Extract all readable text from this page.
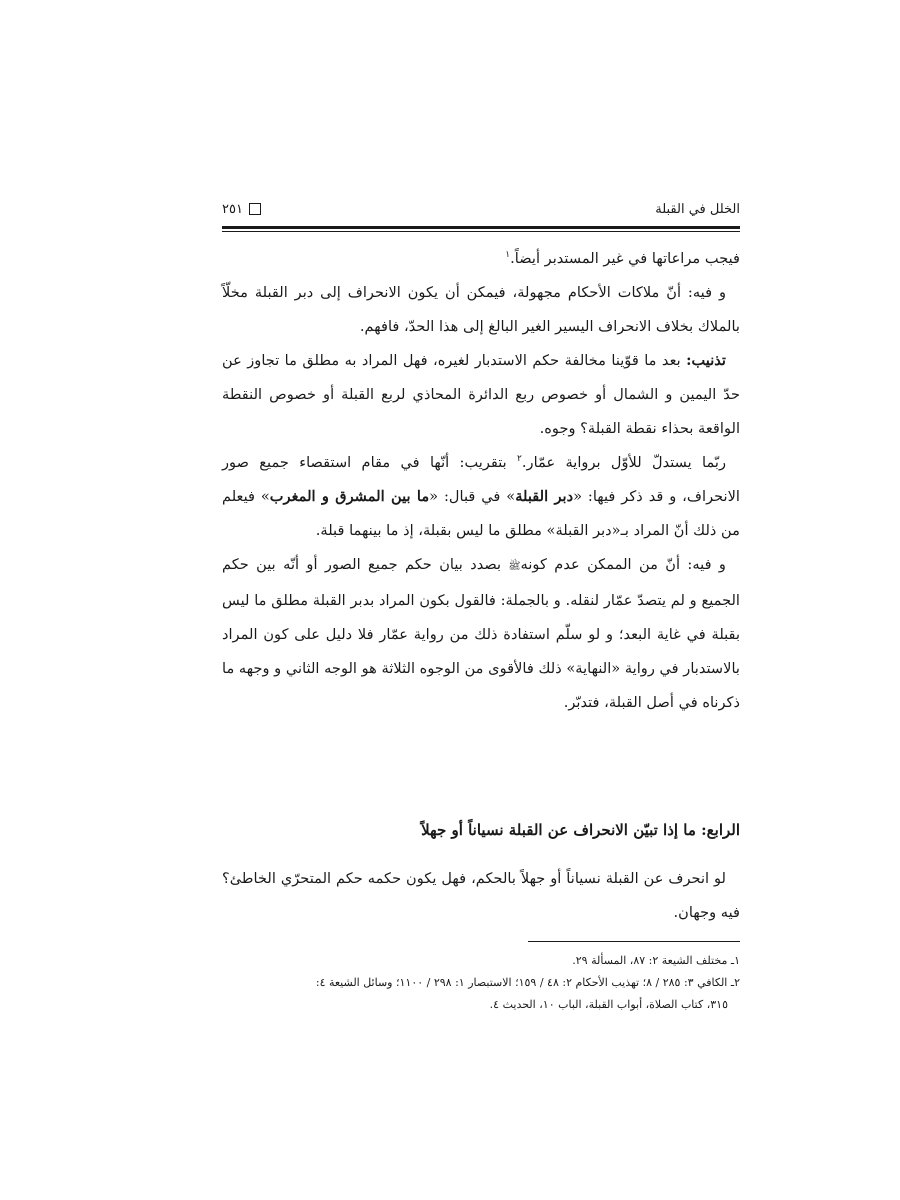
الخلل في القبلة
٢٥١

فيجب مراعاتها في غير المستدبر أيضاً.$^١$

و فيه: أنّ ملاكات الأحكام مجهولة، فيمكن أن يكون الانحراف إلى دبر القبلة مخلّاً بالملاك بخلاف الانحراف اليسير الغير البالغ إلى هذا الحدّ، فافهم.

تذنيب: بعد ما قوّينا مخالفة حكم الاستدبار لغيره، فهل المراد به مطلق ما تجاوز عن حدّ اليمين و الشمال أو خصوص ربع الدائرة المحاذي لربع القبلة أو خصوص النقطة الواقعة بحذاء نقطة القبلة؟ وجوه.

ربّما يستدلّ للأوّل برواية عمّار.$^٢$ بتقريب: أنّها في مقام استقصاء جميع صور الانحراف، و قد ذكر فيها: «دبر القبلة» في قبال: «ما بين المشرق و المغرب» فيعلم من ذلك أنّ المراد بـ«دبر القبلة» مطلق ما ليس بقبلة، إذ ما بينهما قبلة.

و فيه: أنّ من الممكن عدم كونهﷺ بصدد بيان حكم جميع الصور أو أنّه بين حكم الجميع و لم يتصدّ عمّار لنقله. و بالجملة: فالقول بكون المراد بدبر القبلة مطلق ما ليس بقبلة في غاية البعد؛ و لو سلّم استفادة ذلك من رواية عمّار فلا دليل على كون المراد بالاستدبار في رواية «النهاية» ذلك فالأقوى من الوجوه الثلاثة هو الوجه الثاني و وجهه ما ذكرناه في أصل القبلة، فتدبّر.

الرابع: ما إذا تبيّن الانحراف عن القبلة نسياناً أو جهلاً

لو انحرف عن القبلة نسياناً أو جهلاً بالحكم، فهل يكون حكمه حكم المتحرّي الخاطئ؟ فيه وجهان.

١ـ مختلف الشيعة ٢: ٨٧، المسألة ٢٩.

٢ـ الكافي ٣: ٢٨٥ / ٨؛ تهذيب الأحكام ٢: ٤٨ / ١٥٩؛ الاستبصار ١: ٢٩٨ / ١١٠٠؛ وسائل الشيعة ٤:

٣١٥، كتاب الصلاة، أبواب القبلة، الباب ١٠، الحديث ٤.
